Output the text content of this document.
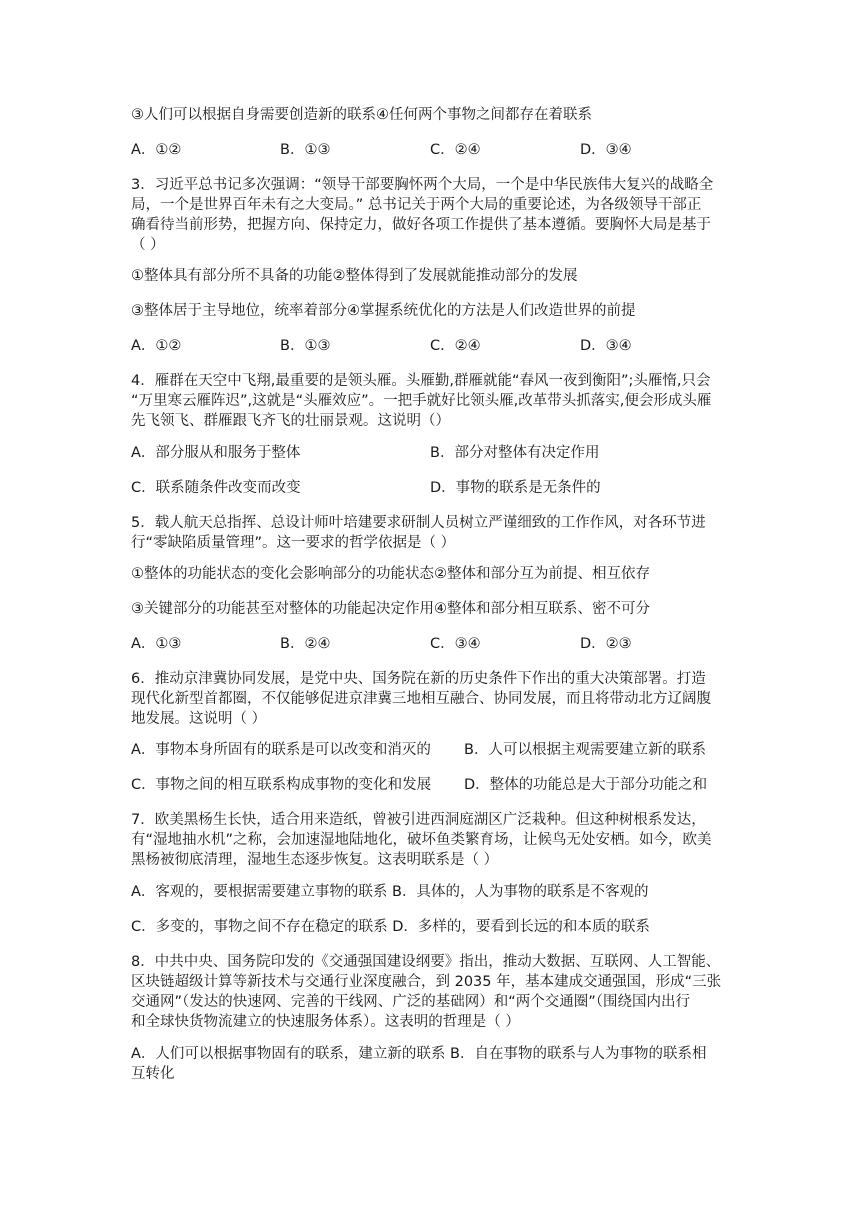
③人们可以根据自身需要创造新的联系④任何两个事物之间都存在着联系
A．①②	B．①③	C．②④	D．③④
3．习近平总书记多次强调：“领导干部要胸怀两个大局，一个是中华民族伟大复兴的战略全
局，一个是世界百年未有之大变局。” 总书记关于两个大局的重要论述，为各级领导干部正
确看待当前形势，把握方向、保持定力，做好各项工作提供了基本遵循。要胸怀大局是基于
（ ）
①整体具有部分所不具备的功能②整体得到了发展就能推动部分的发展
③整体居于主导地位，统率着部分④掌握系统优化的方法是人们改造世界的前提
A．①②	B．①③	C．②④	D．③④
4．雁群在天空中飞翔,最重要的是领头雁。头雁勤,群雁就能“春风一夜到衡阳”;头雁惰,只会
“万里寒云雁阵迟”,这就是“头雁效应”。一把手就好比领头雁,改革带头抓落实,便会形成头雁
先飞领飞、群雁跟飞齐飞的壮丽景观。这说明（）
A．部分服从和服务于整体	B．部分对整体有决定作用
C．联系随条件改变而改变	D．事物的联系是无条件的
5．载人航天总指挥、总设计师叶培建要求研制人员树立严谨细致的工作作风，对各环节进
行“零缺陷质量管理”。这一要求的哲学依据是（ ）
①整体的功能状态的变化会影响部分的功能状态②整体和部分互为前提、相互依存
③关键部分的功能甚至对整体的功能起决定作用④整体和部分相互联系、密不可分
A．①③	B．②④	C．③④	D．②③
6．推动京津冀协同发展，是党中央、国务院在新的历史条件下作出的重大决策部署。打造
现代化新型首都圈，不仅能够促进京津冀三地相互融合、协同发展，而且将带动北方辽阔腹
地发展。这说明（ ）
A．事物本身所固有的联系是可以改变和消灭的 B．人可以根据主观需要建立新的联系
C．事物之间的相互联系构成事物的变化和发展 D．整体的功能总是大于部分功能之和
7．欧美黑杨生长快，适合用来造纸，曾被引进西洞庭湖区广泛栽种。但这种树根系发达，
有“湿地抽水机”之称，会加速湿地陆地化，破坏鱼类繁育场，让候鸟无处安栖。如今，欧美
黑杨被彻底清理，湿地生态逐步恢复。这表明联系是（ ）
A．客观的，要根据需要建立事物的联系 B．具体的，人为事物的联系是不客观的
C．多变的，事物之间不存在稳定的联系 D．多样的，要看到长远的和本质的联系
8．中共中央、国务院印发的《交通强国建设纲要》指出，推动大数据、互联网、人工智能、
区块链超级计算等新技术与交通行业深度融合，到 2035 年，基本建成交通强国，形成“三张
交通网”（发达的快速网、完善的干线网、广泛的基础网）和“两个交通圈”（围绕国内出行
和全球快货物流建立的快速服务体系）。这表明的哲理是（ ）
A．人们可以根据事物固有的联系，建立新的联系 B．自在事物的联系与人为事物的联系相
互转化
